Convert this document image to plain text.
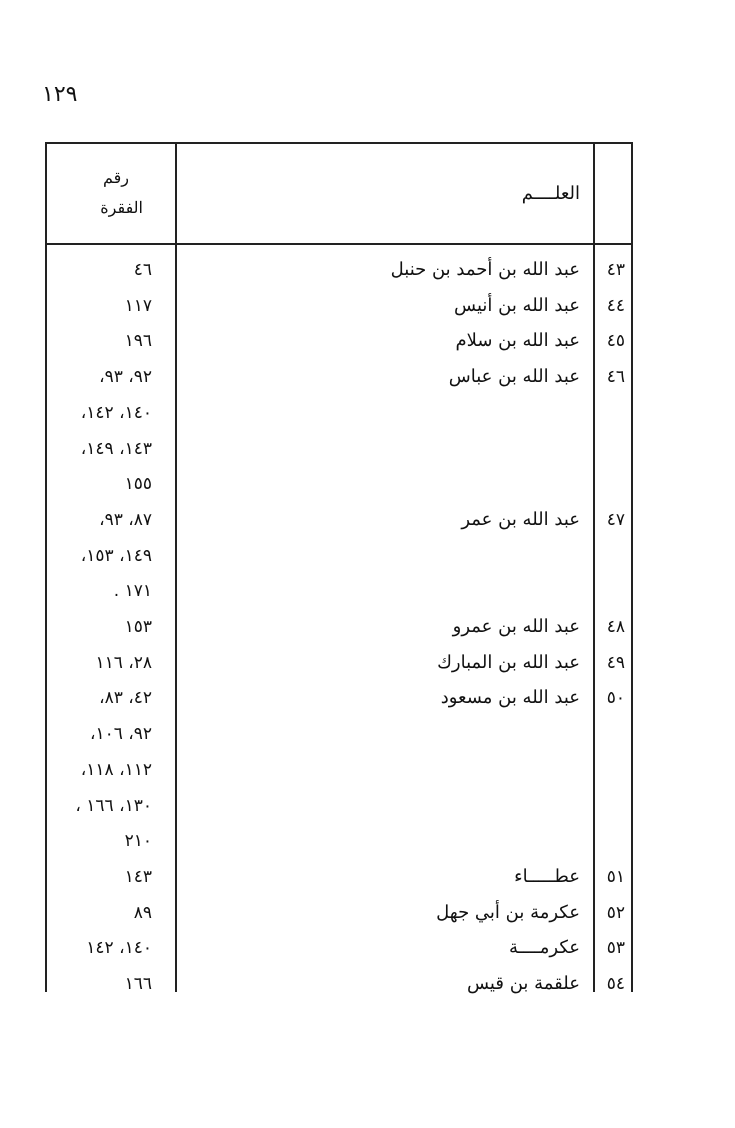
١٢٩
العلــــم
رقم
الفقرة
٤٣
عبد الله بن أحمد بن حنبل
٤٦
٤٤
عبد الله بن أنيس
١١٧
٤٥
عبد الله بن سلام
١٩٦
٤٦
عبد الله بن عباس
٩٢، ٩٣،
١٤٠، ١٤٢،
١٤٣، ١٤٩،
١٥٥
٤٧
عبد الله بن عمر
٨٧، ٩٣،
١٤٩، ١٥٣،
١٧١ .
٤٨
عبد الله بن عمرو
١٥٣
٤٩
عبد الله بن المبارك
٢٨، ١١٦
٥٠
عبد الله بن مسعود
٤٢، ٨٣،
٩٢، ١٠٦،
١١٢، ١١٨،
١٣٠، ١٦٦ ،
٢١٠
٥١
عطـــــاء
١٤٣
٥٢
عكرمة بن أبي جهل
٨٩
٥٣
عكرمــــة
١٤٠، ١٤٢
٥٤
علقمة بن قيس
١٦٦
